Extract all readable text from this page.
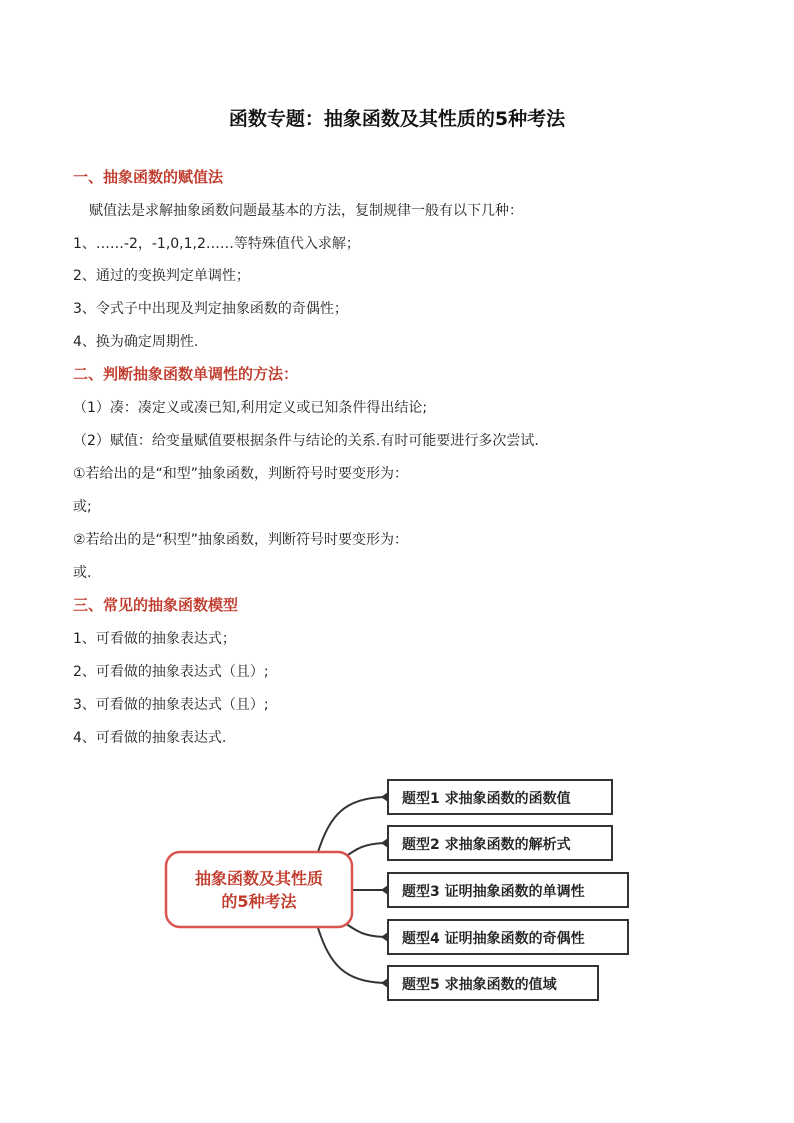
函数专题：抽象函数及其性质的5种考法
一、抽象函数的赋值法
赋值法是求解抽象函数问题最基本的方法，复制规律一般有以下几种：
1、……-2，-1,0,1,2……等特殊值代入求解；
2、通过的变换判定单调性；
3、令式子中出现及判定抽象函数的奇偶性；
4、换为确定周期性.
二、判断抽象函数单调性的方法：
（1）凑：凑定义或凑已知,利用定义或已知条件得出结论;
（2）赋值：给变量赋值要根据条件与结论的关系.有时可能要进行多次尝试.
①若给出的是“和型”抽象函数，判断符号时要变形为：
或;
②若给出的是“积型”抽象函数，判断符号时要变形为：
或.
三、常见的抽象函数模型
1、可看做的抽象表达式；
2、可看做的抽象表达式（且）;
3、可看做的抽象表达式（且）;
4、可看做的抽象表达式.
抽象函数及其性质
的5种考法
题型1 求抽象函数的函数值
题型2 求抽象函数的解析式
题型3 证明抽象函数的单调性
题型4 证明抽象函数的奇偶性
题型5 求抽象函数的值域
